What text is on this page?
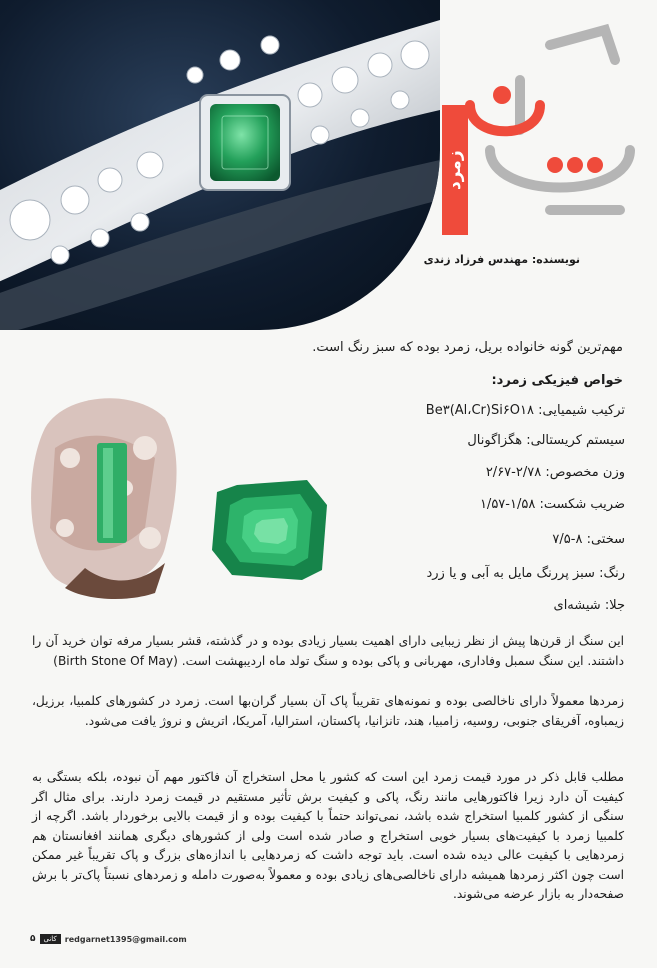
زمرد
نویسنده: مهندس فرزاد زندی
مهم‌ترین گونه خانواده بریل، زمرد بوده که سبز رنگ است.
خواص فیزیکی زمرد:
ترکیب شیمیایی: Be۳(Al،Cr)Si۶O۱۸
سیستم کریستالی: هگزاگونال
وزن مخصوص: ۲/۷۸-۲/۶۷
ضریب شکست: ۱/۵۸-۱/۵۷
سختی: ۸-۷/۵
رنگ: سبز پررنگ مایل به آبی و یا زرد
جلا: شیشه‌ای
این سنگ از قرن‌ها پیش از نظر زیبایی دارای اهمیت بسیار زیادی بوده و در گذشته، قشر بسیار مرفه توان خرید آن را داشتند. این سنگ سمبل وفاداری، مهربانی و پاکی بوده و سنگ تولد ماه اردیبهشت است. (Birth Stone Of May)
زمردها معمولاً دارای ناخالصی بوده و نمونه‌های تقریباً پاک آن بسیار گران‌بها است. زمرد در کشورهای کلمبیا، برزیل، زیمباوه، آفریقای جنوبی، روسیه، زامبیا، هند، تانزانیا، پاکستان، استرالیا، آمریکا، اتریش و نروژ یافت می‌شود.
مطلب قابل ذکر در مورد قیمت زمرد این است که کشور یا محل استخراج آن فاکتور مهم آن نبوده، بلکه بستگی به کیفیت آن دارد زیرا فاکتورهایی مانند رنگ، پاکی و کیفیت برش تأثیر مستقیم در قیمت زمرد دارند. برای مثال اگر سنگی از کشور کلمبیا استخراج شده باشد، نمی‌تواند حتماً با کیفیت بوده و از قیمت بالایی برخوردار باشد. اگرچه از کلمبیا زمرد با کیفیت‌های بسیار خوبی استخراج و صادر شده است ولی از کشورهای دیگری همانند افغانستان هم زمردهایی با کیفیت عالی دیده شده است. باید توجه داشت که زمردهایی با اندازه‌های بزرگ و پاک تقریباً غیر ممکن است چون اکثر زمردها همیشه دارای ناخالصی‌های زیادی بوده و معمولاً به‌صورت دامله و زمردهای نسبتاً پاک‌تر با برش صفحه‌دار به بازار عرضه می‌شوند.
۵	کانی	redgarnet1395@gmail.com
